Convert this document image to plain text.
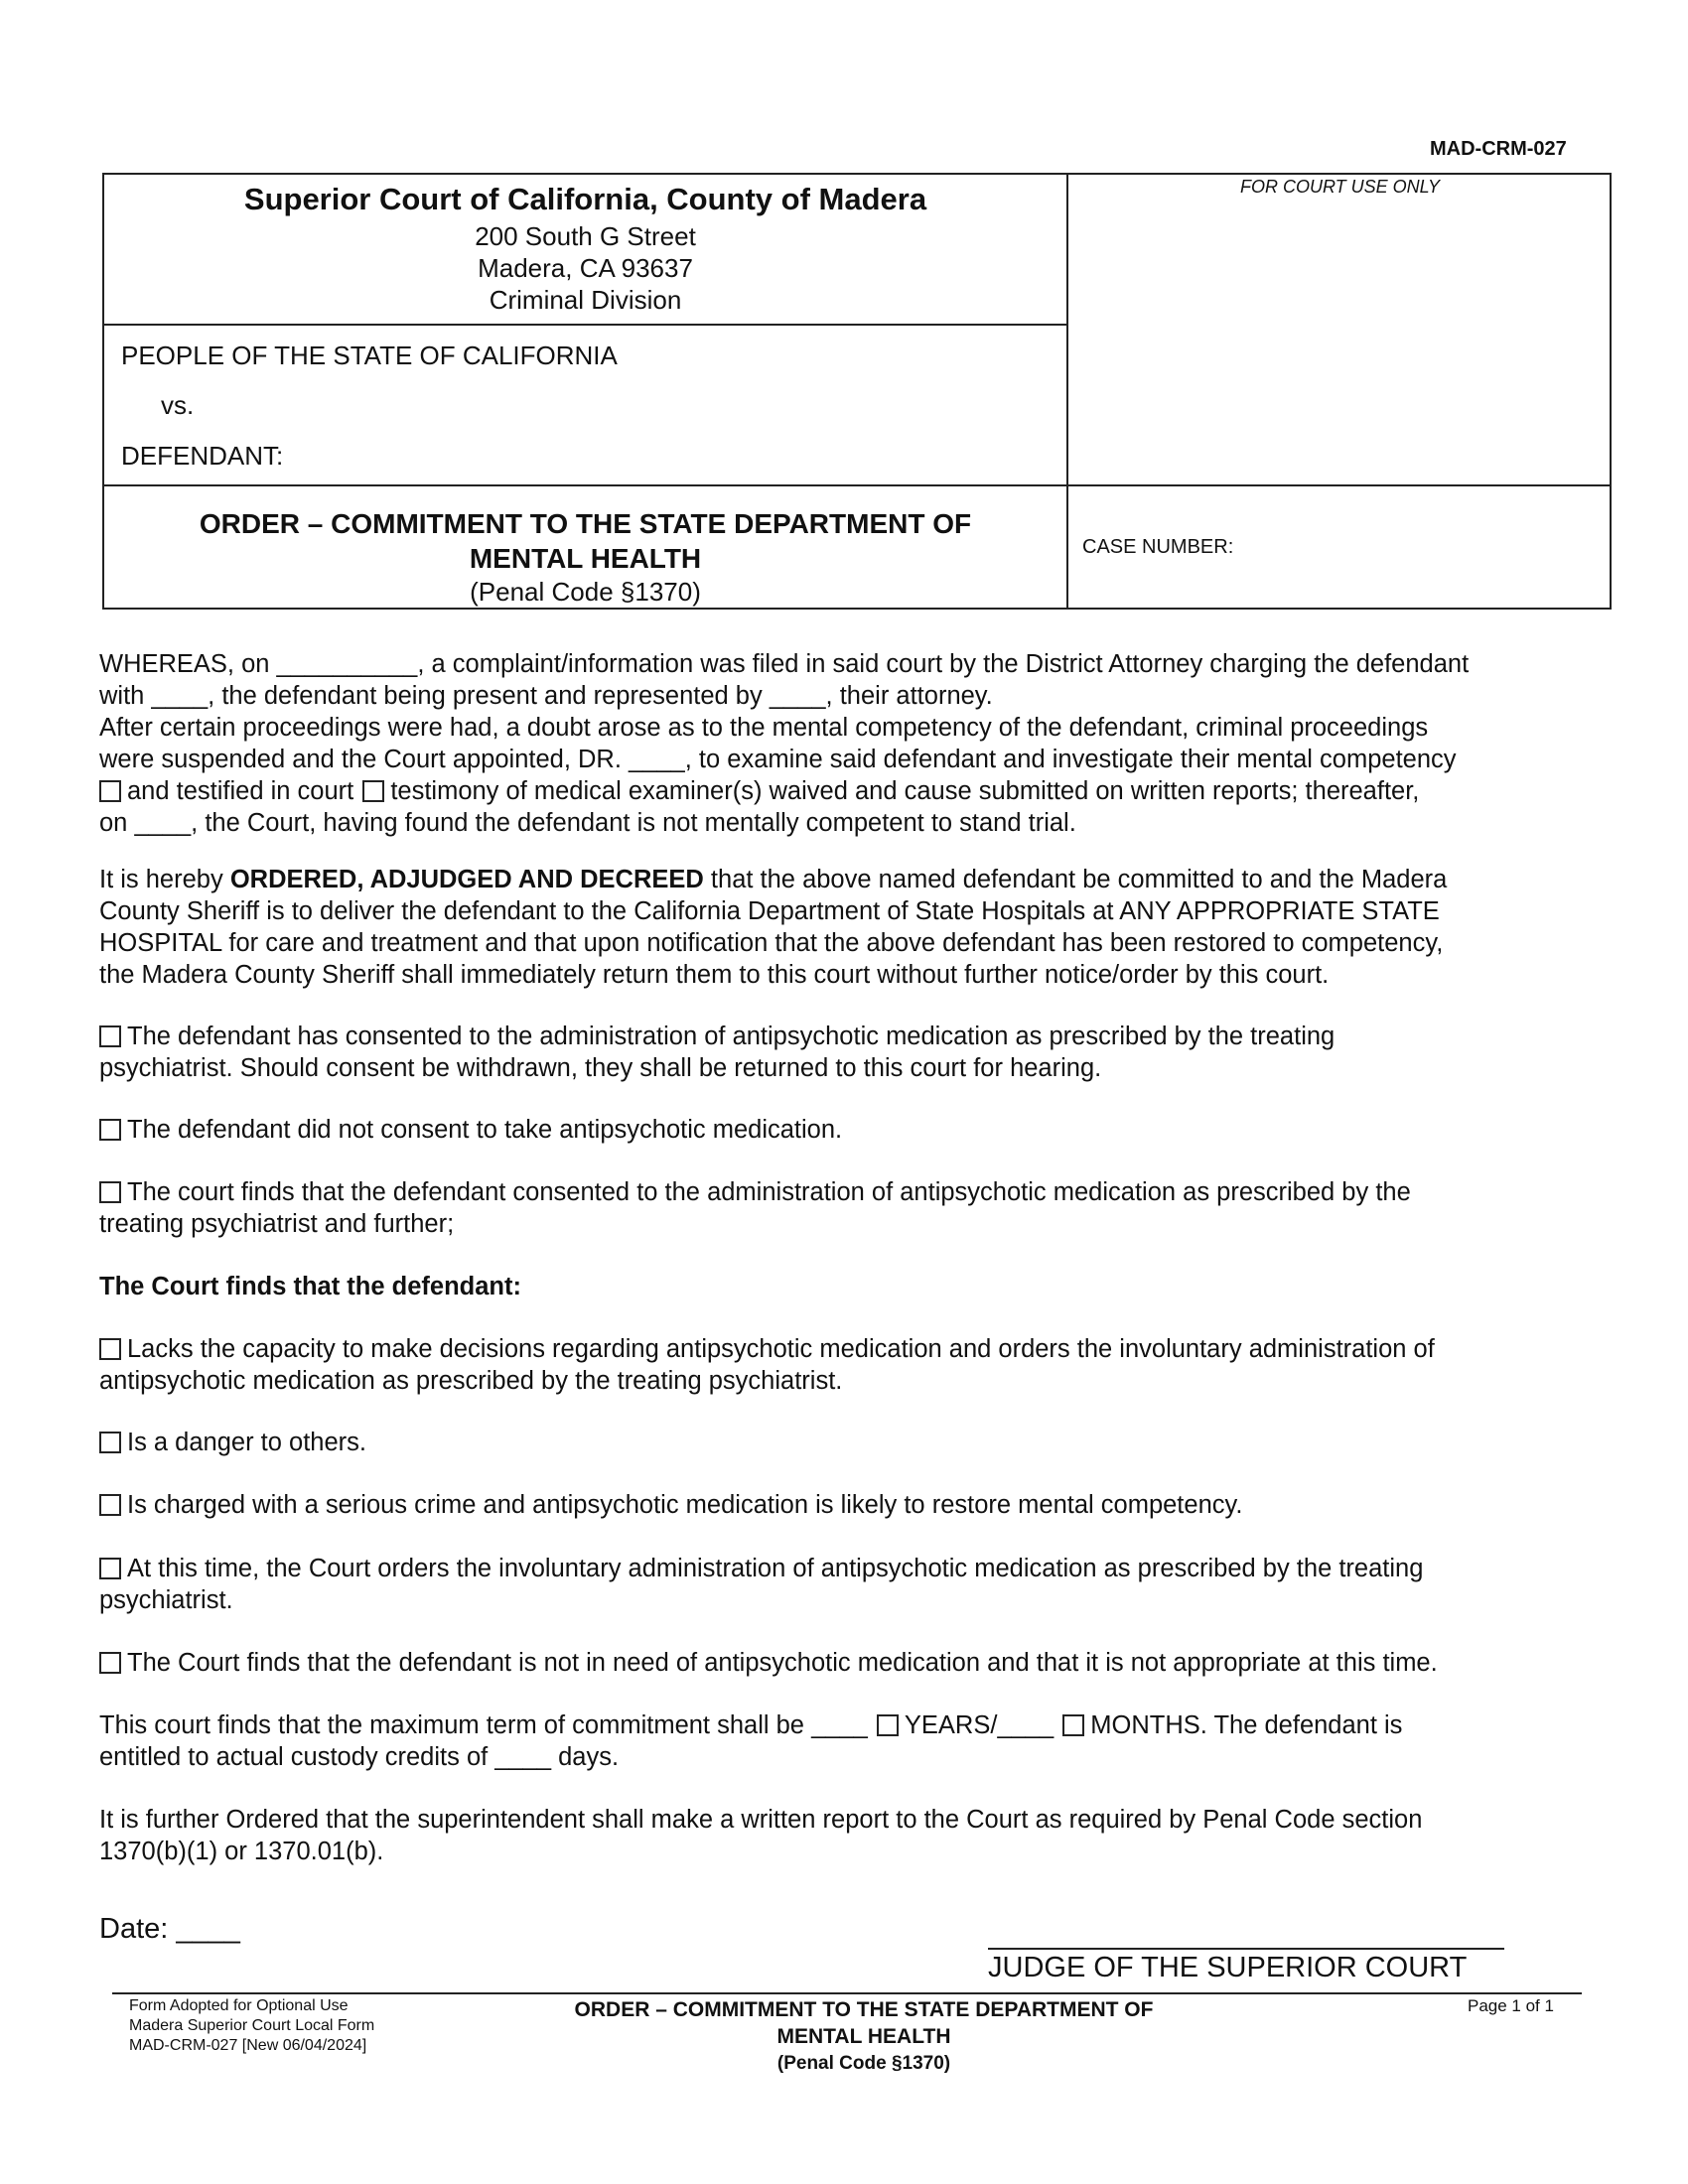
MAD-CRM-027
Superior Court of California, County of Madera
200 South G Street
Madera, CA 93637
Criminal Division
FOR COURT USE ONLY
PEOPLE OF THE STATE OF CALIFORNIA
vs.
DEFENDANT:
ORDER – COMMITMENT TO THE STATE DEPARTMENT OF
MENTAL HEALTH
(Penal Code §1370)
CASE NUMBER:
WHEREAS, on __________, a complaint/information was filed in said court by the District Attorney charging the defendant
with ____, the defendant being present and represented by ____, their attorney.
After certain proceedings were had, a doubt arose as to the mental competency of the defendant, criminal proceedings
were suspended and the Court appointed, DR. ____, to examine said defendant and investigate their mental competency
and testified in court testimony of medical examiner(s) waived and cause submitted on written reports; thereafter,
on ____, the Court, having found the defendant is not mentally competent to stand trial.
It is hereby ORDERED, ADJUDGED AND DECREED that the above named defendant be committed to and the Madera
County Sheriff is to deliver the defendant to the California Department of State Hospitals at ANY APPROPRIATE STATE
HOSPITAL for care and treatment and that upon notification that the above defendant has been restored to competency,
the Madera County Sheriff shall immediately return them to this court without further notice/order by this court.
The defendant has consented to the administration of antipsychotic medication as prescribed by the treating
psychiatrist. Should consent be withdrawn, they shall be returned to this court for hearing.
The defendant did not consent to take antipsychotic medication.
The court finds that the defendant consented to the administration of antipsychotic medication as prescribed by the
treating psychiatrist and further;
The Court finds that the defendant:
Lacks the capacity to make decisions regarding antipsychotic medication and orders the involuntary administration of
antipsychotic medication as prescribed by the treating psychiatrist.
Is a danger to others.
Is charged with a serious crime and antipsychotic medication is likely to restore mental competency.
At this time, the Court orders the involuntary administration of antipsychotic medication as prescribed by the treating
psychiatrist.
The Court finds that the defendant is not in need of antipsychotic medication and that it is not appropriate at this time.
This court finds that the maximum term of commitment shall be ____ YEARS/____ MONTHS. The defendant is
entitled to actual custody credits of ____ days.
It is further Ordered that the superintendent shall make a written report to the Court as required by Penal Code section
1370(b)(1) or 1370.01(b).
Date: ____
JUDGE OF THE SUPERIOR COURT
Form Adopted for Optional Use
Madera Superior Court Local Form
MAD-CRM-027 [New 06/04/2024]
ORDER – COMMITMENT TO THE STATE DEPARTMENT OF
MENTAL HEALTH
(Penal Code §1370)
Page 1 of 1
